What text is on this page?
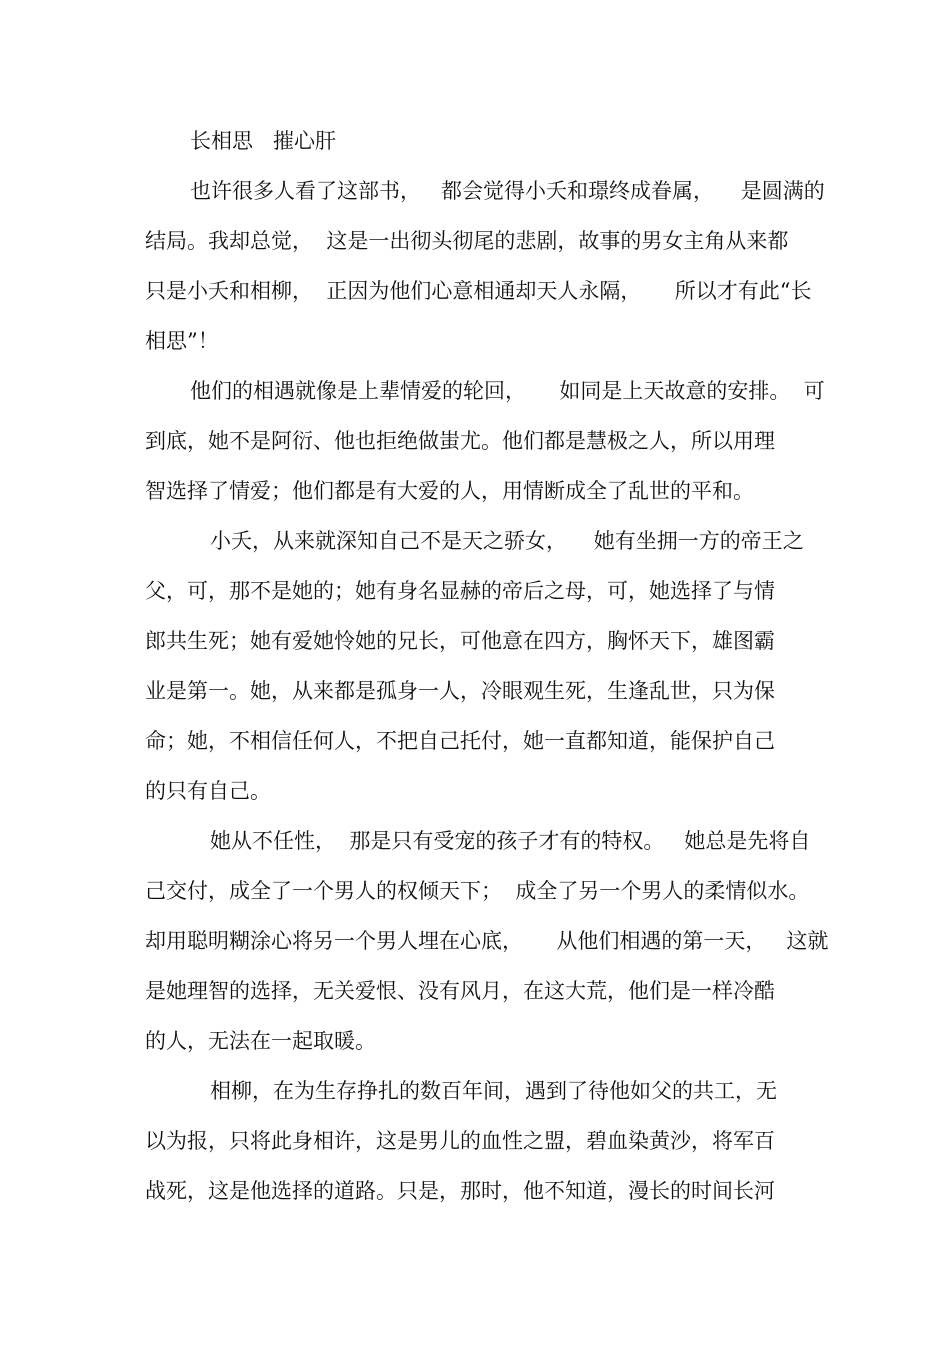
长相思   摧心肝
也许很多人看了这部书，   都会觉得小夭和璟终成眷属，    是圆满的
结局。我却总觉，  这是一出彻头彻尾的悲剧，故事的男女主角从来都
只是小夭和相柳，  正因为他们心意相通却天人永隔，     所以才有此“长
相思”！
他们的相遇就像是上辈情爱的轮回，     如同是上天故意的安排。  可
到底，她不是阿衍、他也拒绝做蚩尤。他们都是慧极之人，所以用理
智选择了情爱；他们都是有大爱的人，用情断成全了乱世的平和。
小夭，从来就深知自己不是天之骄女，    她有坐拥一方的帝王之
父，可，那不是她的；她有身名显赫的帝后之母，可，她选择了与情
郎共生死；她有爱她怜她的兄长，可他意在四方，胸怀天下，雄图霸
业是第一。她，从来都是孤身一人，冷眼观生死，生逢乱世，只为保
命；她，不相信任何人，不把自己托付，她一直都知道，能保护自己
的只有自己。
她从不任性，  那是只有受宠的孩子才有的特权。   她总是先将自
己交付，成全了一个男人的权倾天下；  成全了另一个男人的柔情似水。
却用聪明糊涂心将另一个男人埋在心底，     从他们相遇的第一天，   这就
是她理智的选择，无关爱恨、没有风月，在这大荒，他们是一样冷酷
的人，无法在一起取暖。
相柳，在为生存挣扎的数百年间，遇到了待他如父的共工，无
以为报，只将此身相许，这是男儿的血性之盟，碧血染黄沙，将军百
战死，这是他选择的道路。只是，那时，他不知道，漫长的时间长河
